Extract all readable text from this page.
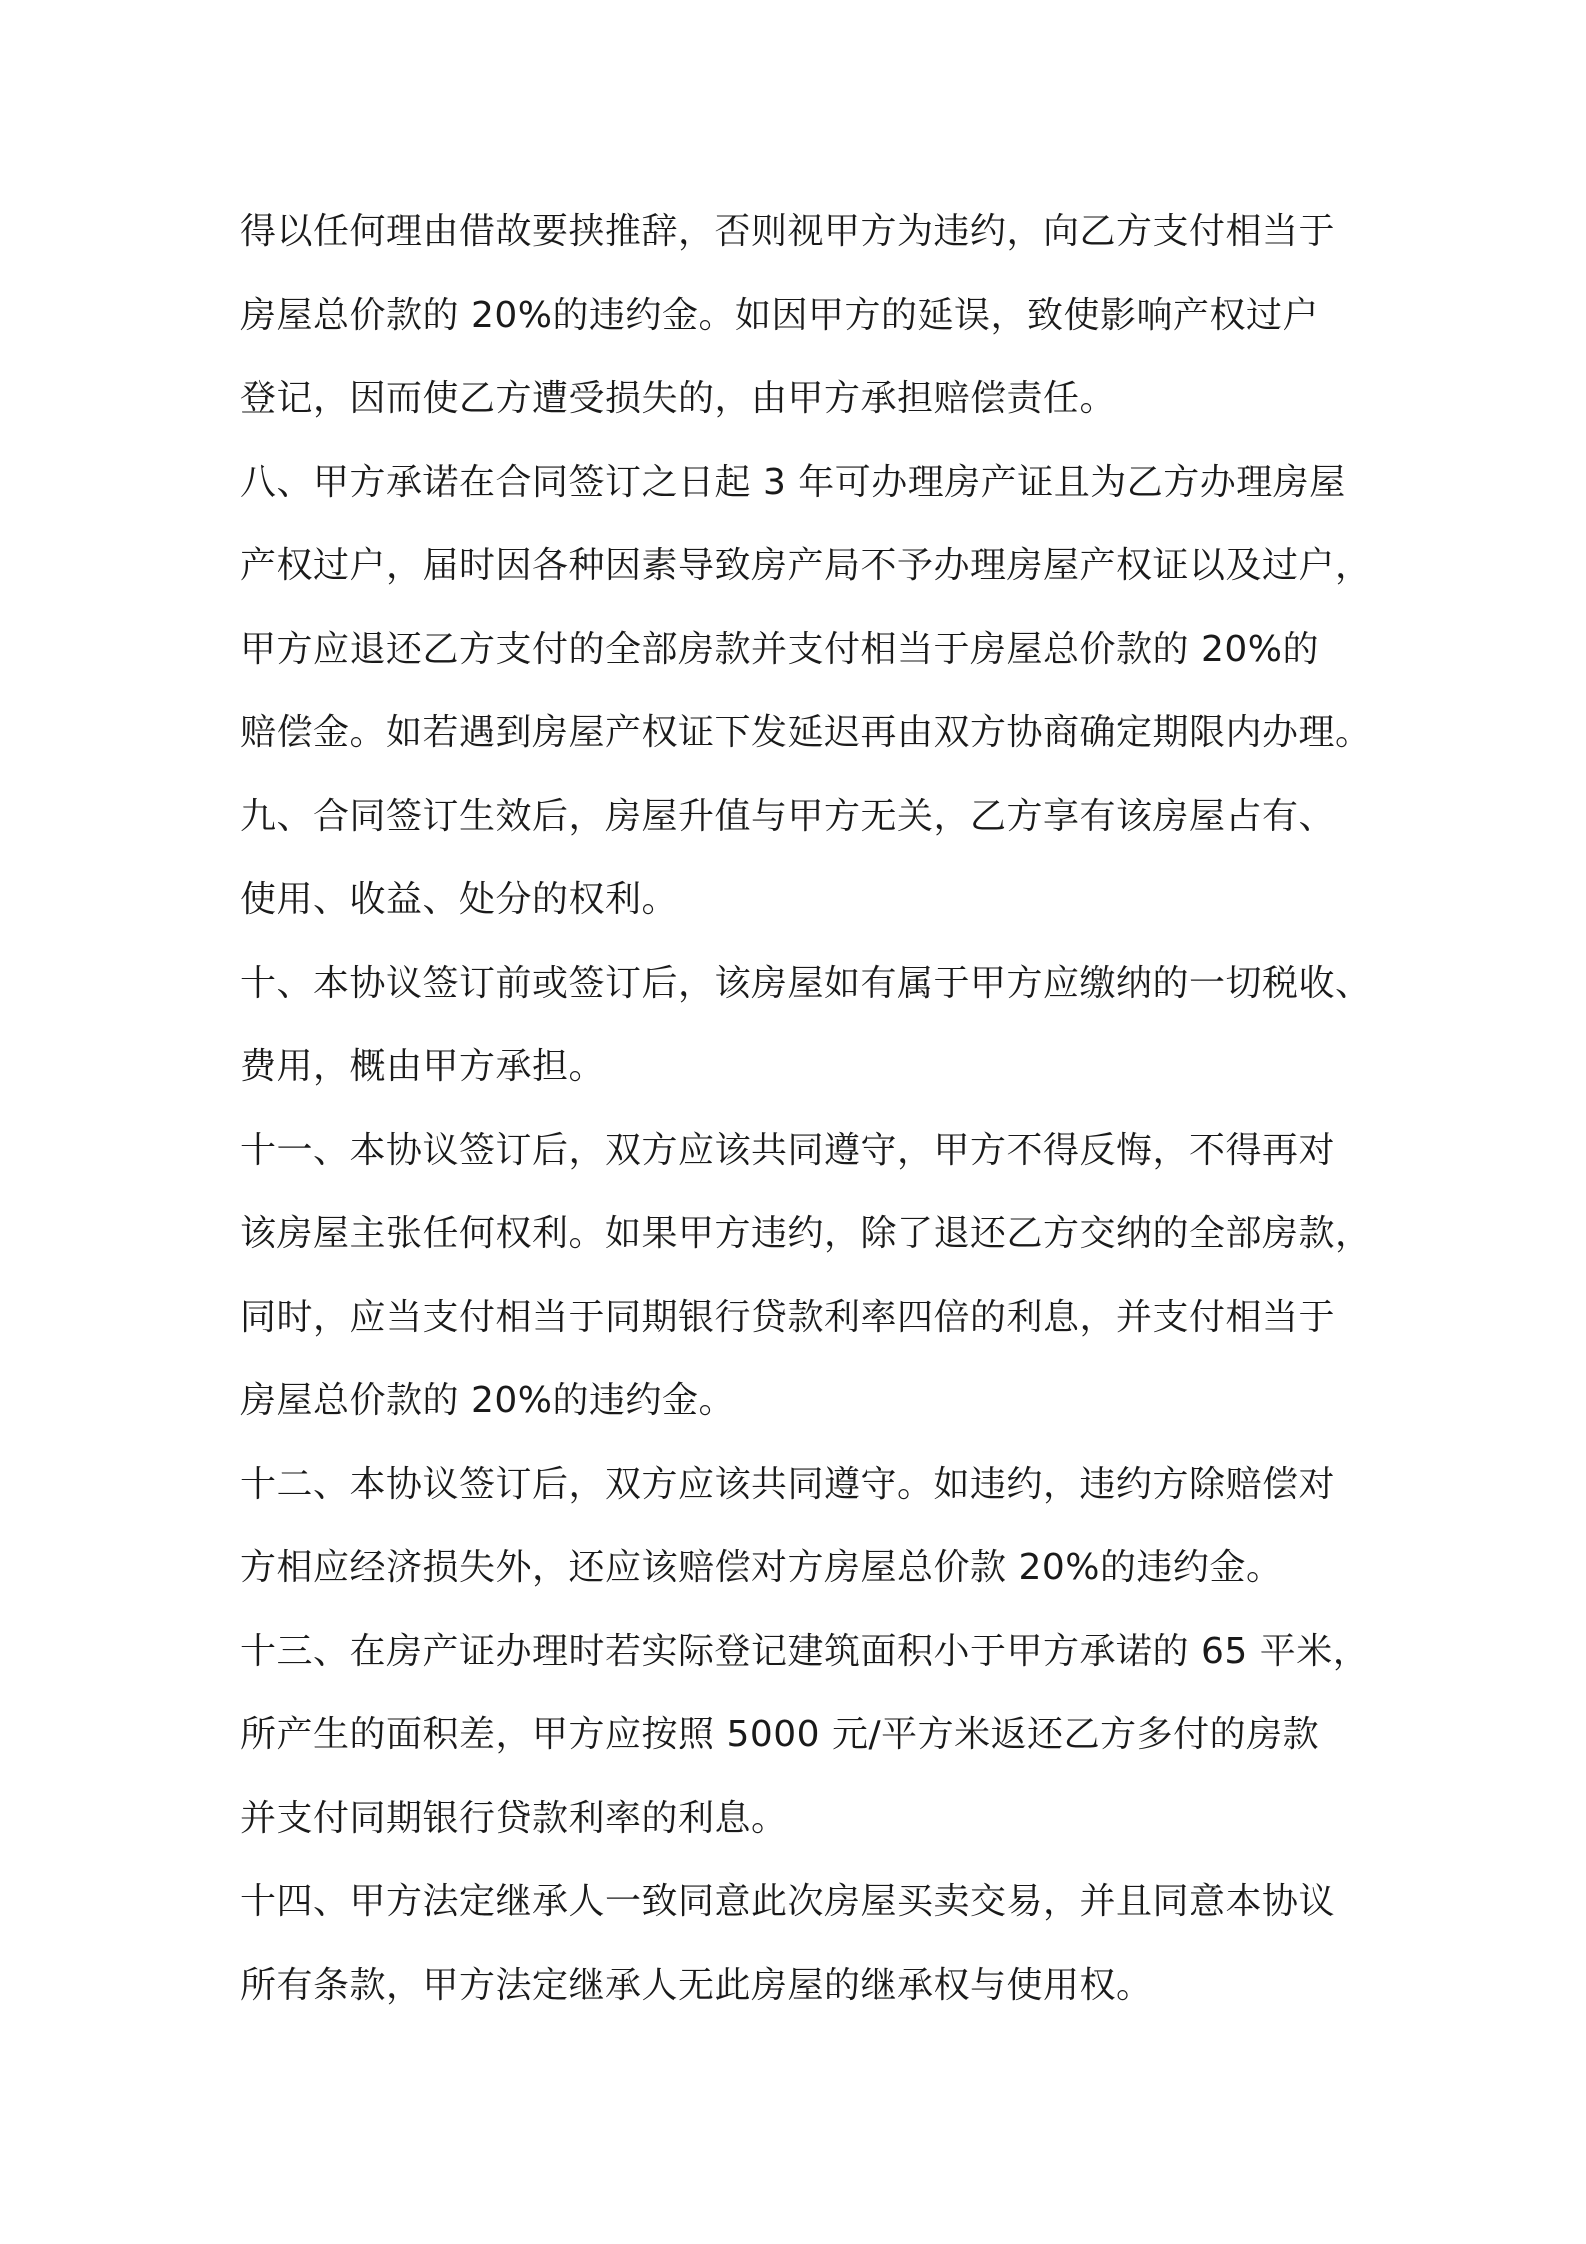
得以任何理由借故要挟推辞，否则视甲方为违约，向乙方支付相当于
房屋总价款的 20%的违约金。如因甲方的延误，致使影响产权过户
登记，因而使乙方遭受损失的，由甲方承担赔偿责任。
八、甲方承诺在合同签订之日起 3 年可办理房产证且为乙方办理房屋
产权过户，届时因各种因素导致房产局不予办理房屋产权证以及过户，
甲方应退还乙方支付的全部房款并支付相当于房屋总价款的 20%的
赔偿金。如若遇到房屋产权证下发延迟再由双方协商确定期限内办理。
九、合同签订生效后，房屋升值与甲方无关，乙方享有该房屋占有、
使用、收益、处分的权利。
十、本协议签订前或签订后，该房屋如有属于甲方应缴纳的一切税收、
费用，概由甲方承担。
十一、本协议签订后，双方应该共同遵守，甲方不得反悔，不得再对
该房屋主张任何权利。如果甲方违约，除了退还乙方交纳的全部房款，
同时，应当支付相当于同期银行贷款利率四倍的利息，并支付相当于
房屋总价款的 20%的违约金。
十二、本协议签订后，双方应该共同遵守。如违约，违约方除赔偿对
方相应经济损失外，还应该赔偿对方房屋总价款 20%的违约金。
十三、在房产证办理时若实际登记建筑面积小于甲方承诺的 65 平米，
所产生的面积差，甲方应按照 5000 元/平方米返还乙方多付的房款
并支付同期银行贷款利率的利息。
十四、甲方法定继承人一致同意此次房屋买卖交易，并且同意本协议
所有条款，甲方法定继承人无此房屋的继承权与使用权。
